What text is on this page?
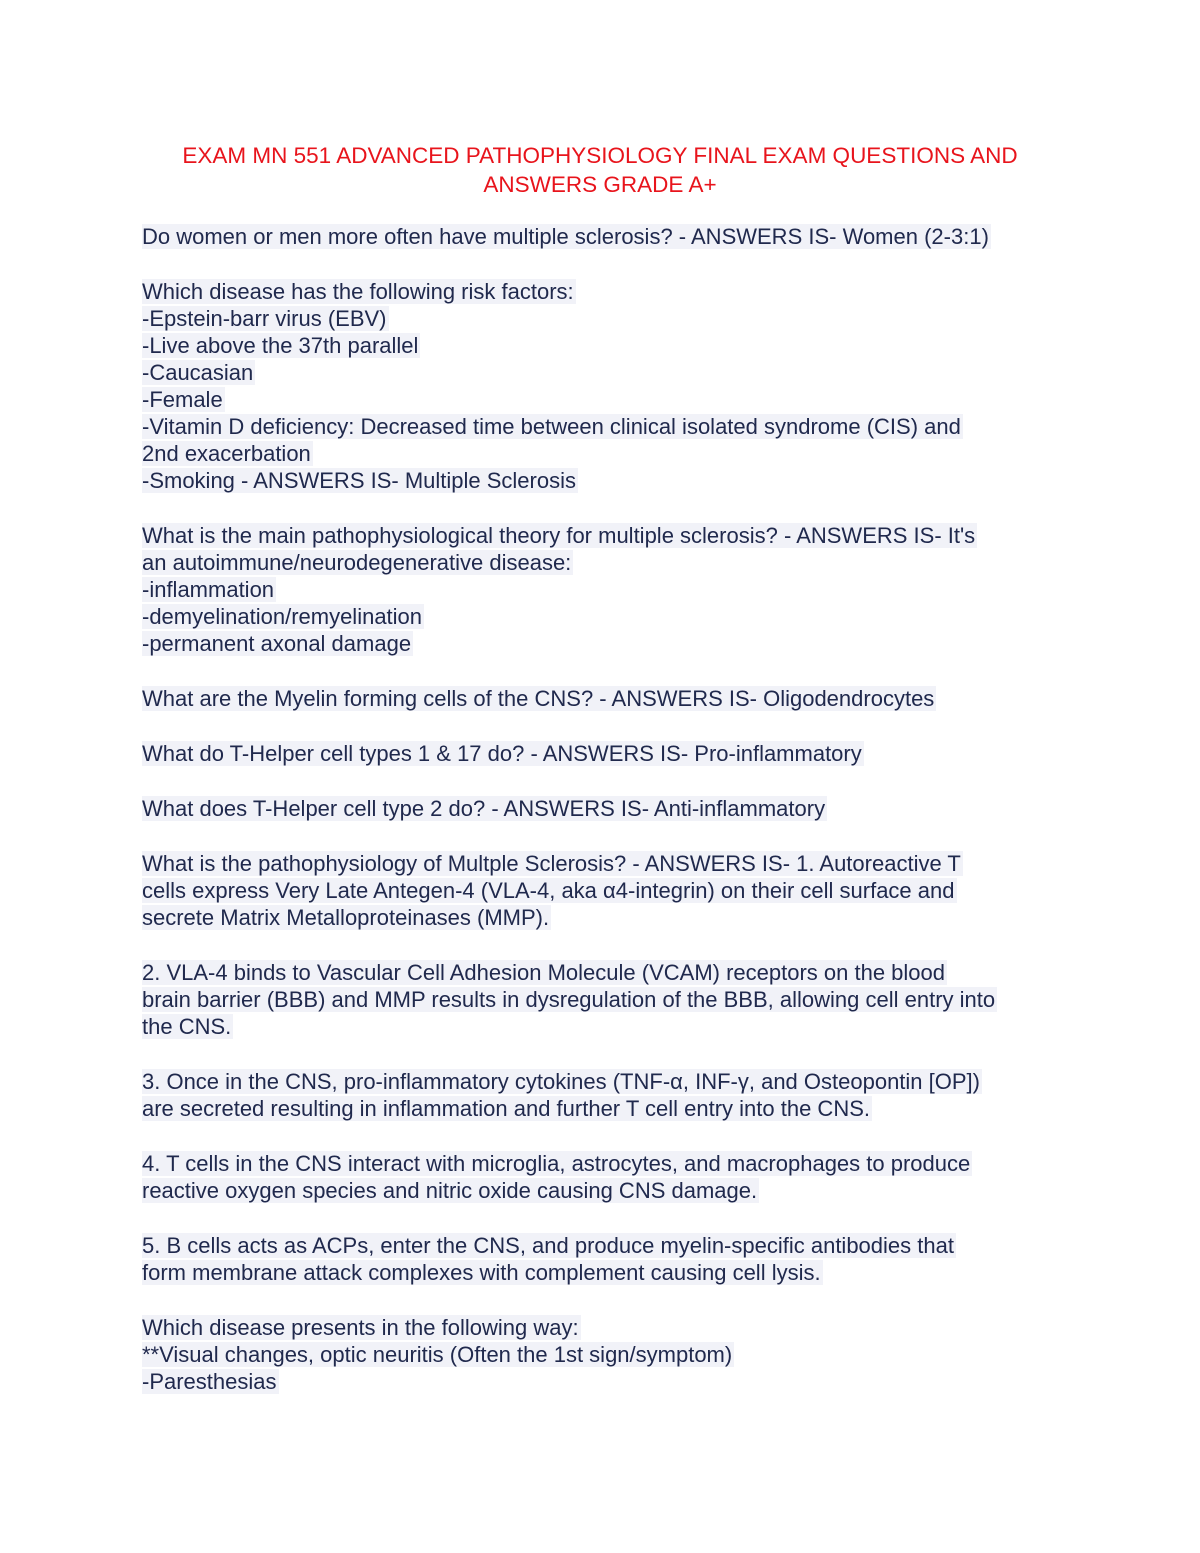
EXAM MN 551 ADVANCED PATHOPHYSIOLOGY FINAL EXAM QUESTIONS AND
ANSWERS GRADE A+
Do women or men more often have multiple sclerosis? - ANSWERS IS- Women (2-3:1)
Which disease has the following risk factors:
-Epstein-barr virus (EBV)
-Live above the 37th parallel
-Caucasian
-Female
-Vitamin D deficiency: Decreased time between clinical isolated syndrome (CIS) and
2nd exacerbation
-Smoking - ANSWERS IS- Multiple Sclerosis
What is the main pathophysiological theory for multiple sclerosis? - ANSWERS IS- It's
an autoimmune/neurodegenerative disease:
-inflammation
-demyelination/remyelination
-permanent axonal damage
What are the Myelin forming cells of the CNS? - ANSWERS IS- Oligodendrocytes
What do T-Helper cell types 1 & 17 do? - ANSWERS IS- Pro-inflammatory
What does T-Helper cell type 2 do? - ANSWERS IS- Anti-inflammatory
What is the pathophysiology of Multple Sclerosis? - ANSWERS IS- 1. Autoreactive T
cells express Very Late Antegen-4 (VLA-4, aka α4-integrin) on their cell surface and
secrete Matrix Metalloproteinases (MMP).
2. VLA-4 binds to Vascular Cell Adhesion Molecule (VCAM) receptors on the blood
brain barrier (BBB) and MMP results in dysregulation of the BBB, allowing cell entry into
the CNS.
3. Once in the CNS, pro-inflammatory cytokines (TNF-α, INF-γ, and Osteopontin [OP])
are secreted resulting in inflammation and further T cell entry into the CNS.
4. T cells in the CNS interact with microglia, astrocytes, and macrophages to produce
reactive oxygen species and nitric oxide causing CNS damage.
5. B cells acts as ACPs, enter the CNS, and produce myelin-specific antibodies that
form membrane attack complexes with complement causing cell lysis.
Which disease presents in the following way:
**Visual changes, optic neuritis (Often the 1st sign/symptom)
-Paresthesias
